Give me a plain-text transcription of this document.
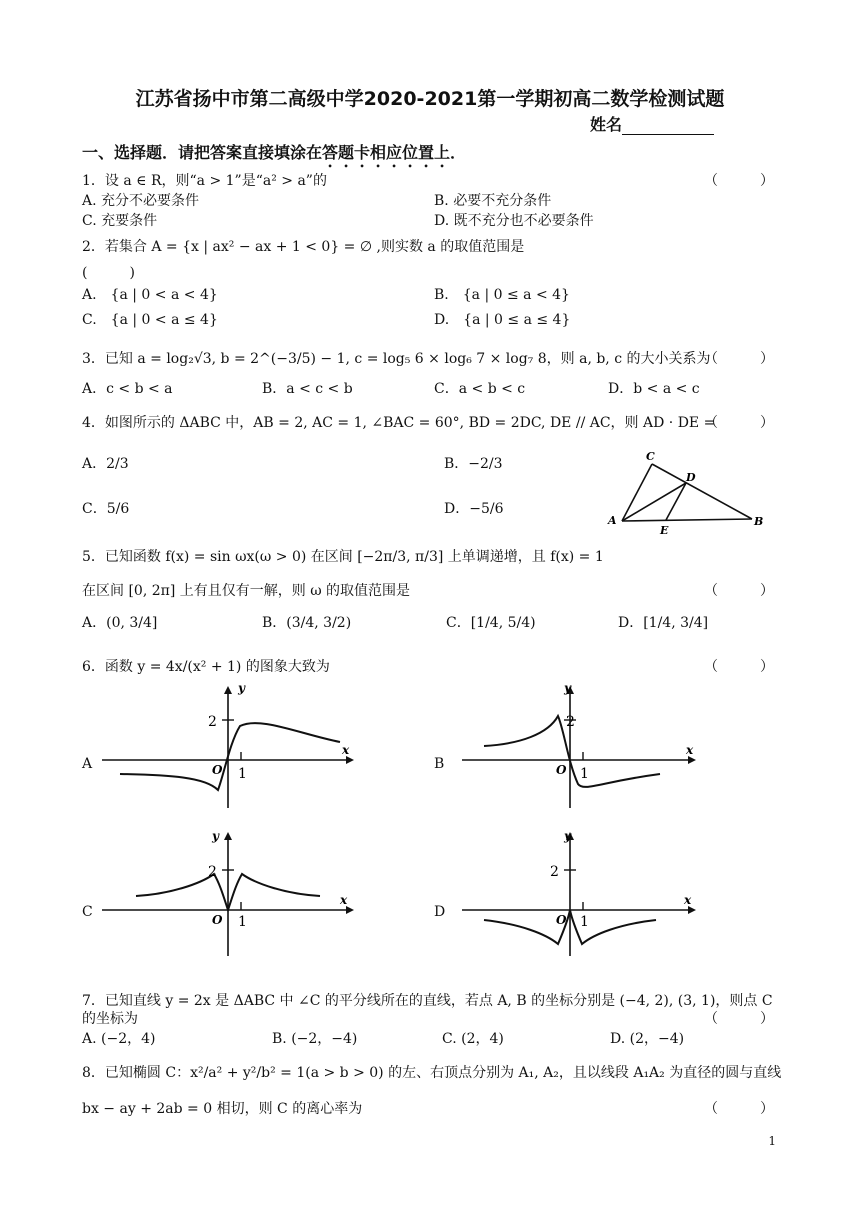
江苏省扬中市第二高级中学2020-2021第一学期初高二数学检测试题
姓名
一、选择题．请把答案直接填涂在答题卡相应位置上．
1．设 a ∈ R，则“a > 1”是“a² > a”的	（　　　）
A. 充分不必要条件	B. 必要不充分条件
C. 充要条件	D. 既不充分也不必要条件
2．若集合 A = {x | ax² − ax + 1 < 0} = ∅ ,则实数 a 的取值范围是
(　　　)
A.　{a | 0 < a < 4}	B.　{a | 0 ≤ a < 4}
C.　{a | 0 < a ≤ 4}	D.　{a | 0 ≤ a ≤ 4}
3．已知 a = log₂√3, b = 2^(−3/5) − 1, c = log₅ 6 × log₆ 7 × log₇ 8，则 a, b, c 的大小关系为
（　　　）
A．c < b < a	B．a < c < b	C．a < b < c	D．b < a < c
4．如图所示的 ΔABC 中，AB = 2, AC = 1, ∠BAC = 60°, BD = 2DC, DE // AC，则 AD · DE =
（　　　）
A．2/3	B．−2/3
C．5/6	D．−5/6
C
D
A
E
B
5．已知函数 f(x) = sin ωx(ω > 0) 在区间 [−2π/3, π/3] 上单调递增，且 f(x) = 1
在区间 [0, 2π] 上有且仅有一解，则 ω 的取值范围是	（　　　）
A．(0, 3/4]	B．(3/4, 3/2)	C．[1/4, 5/4)	D．[1/4, 3/4]
6．函数 y = 4x/(x² + 1) 的图象大致为	（　　　）
A	B
C	D
y
x
O 1
2
y
x
O 1
2
y
x
O 1
2
y
x
O 1
2
7．已知直线 y = 2x 是 ΔABC 中 ∠C 的平分线所在的直线，若点 A, B 的坐标分别是 (−4, 2), (3, 1)，则点 C
的坐标为	（　　　）
A. (−2，4)	B. (−2，−4)	C. (2，4)	D. (2，−4)
8．已知椭圆 C：x²/a² + y²/b² = 1(a > b > 0) 的左、右顶点分别为 A₁, A₂，且以线段 A₁A₂ 为直径的圆与直线
bx − ay + 2ab = 0 相切，则 C 的离心率为	（　　　）
1
